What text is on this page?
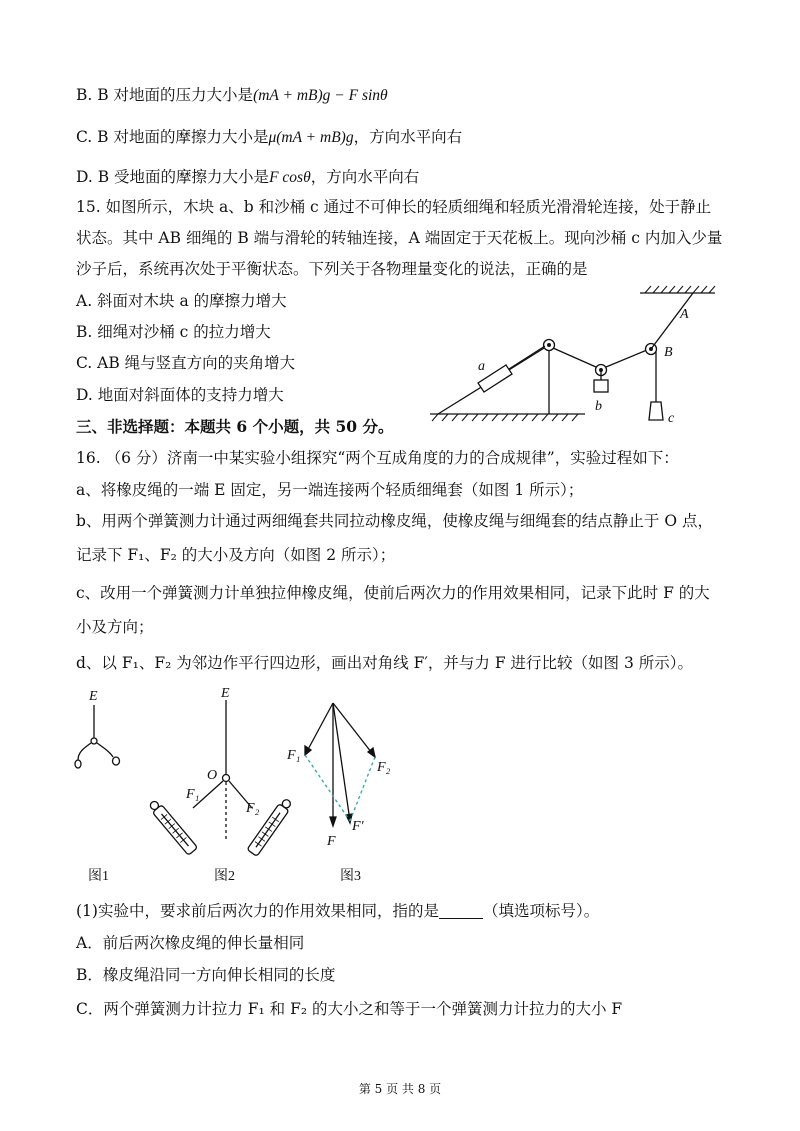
B. B 对地面的压力大小是(mA + mB)g − F sinθ
C. B 对地面的摩擦力大小是μ(mA + mB)g，方向水平向右
D. B 受地面的摩擦力大小是F cosθ，方向水平向右
15. 如图所示，木块 a、b 和沙桶 c 通过不可伸长的轻质细绳和轻质光滑滑轮连接，处于静止
状态。其中 AB 细绳的 B 端与滑轮的转轴连接，A 端固定于天花板上。现向沙桶 c 内加入少量
沙子后，系统再次处于平衡状态。下列关于各物理量变化的说法，正确的是
A. 斜面对木块 a 的摩擦力增大
B. 细绳对沙桶 c 的拉力增大
C. AB 绳与竖直方向的夹角增大
D. 地面对斜面体的支持力增大
a
b
c
A
B
三、非选择题：本题共 6 个小题，共 50 分。
16. （6 分）济南一中某实验小组探究“两个互成角度的力的合成规律”，实验过程如下：
a、将橡皮绳的一端 E 固定，另一端连接两个轻质细绳套（如图 1 所示）；
b、用两个弹簧测力计通过两细绳套共同拉动橡皮绳，使橡皮绳与细绳套的结点静止于 O 点，
记录下 F₁、F₂ 的大小及方向（如图 2 所示）；
c、改用一个弹簧测力计单独拉伸橡皮绳，使前后两次力的作用效果相同，记录下此时 F 的大
小及方向；
d、以 F₁、F₂ 为邻边作平行四边形，画出对角线 F′，并与力 F 进行比较（如图 3 所示）。
E	E
O
F₁
F₂
F₁
F₂
F
F′
图1	图2	图3
(1)实验中，要求前后两次力的作用效果相同，指的是	（填选项标号）。
A．前后两次橡皮绳的伸长量相同
B．橡皮绳沿同一方向伸长相同的长度
C．两个弹簧测力计拉力 F₁ 和 F₂ 的大小之和等于一个弹簧测力计拉力的大小 F
第 5 页 共 8 页
